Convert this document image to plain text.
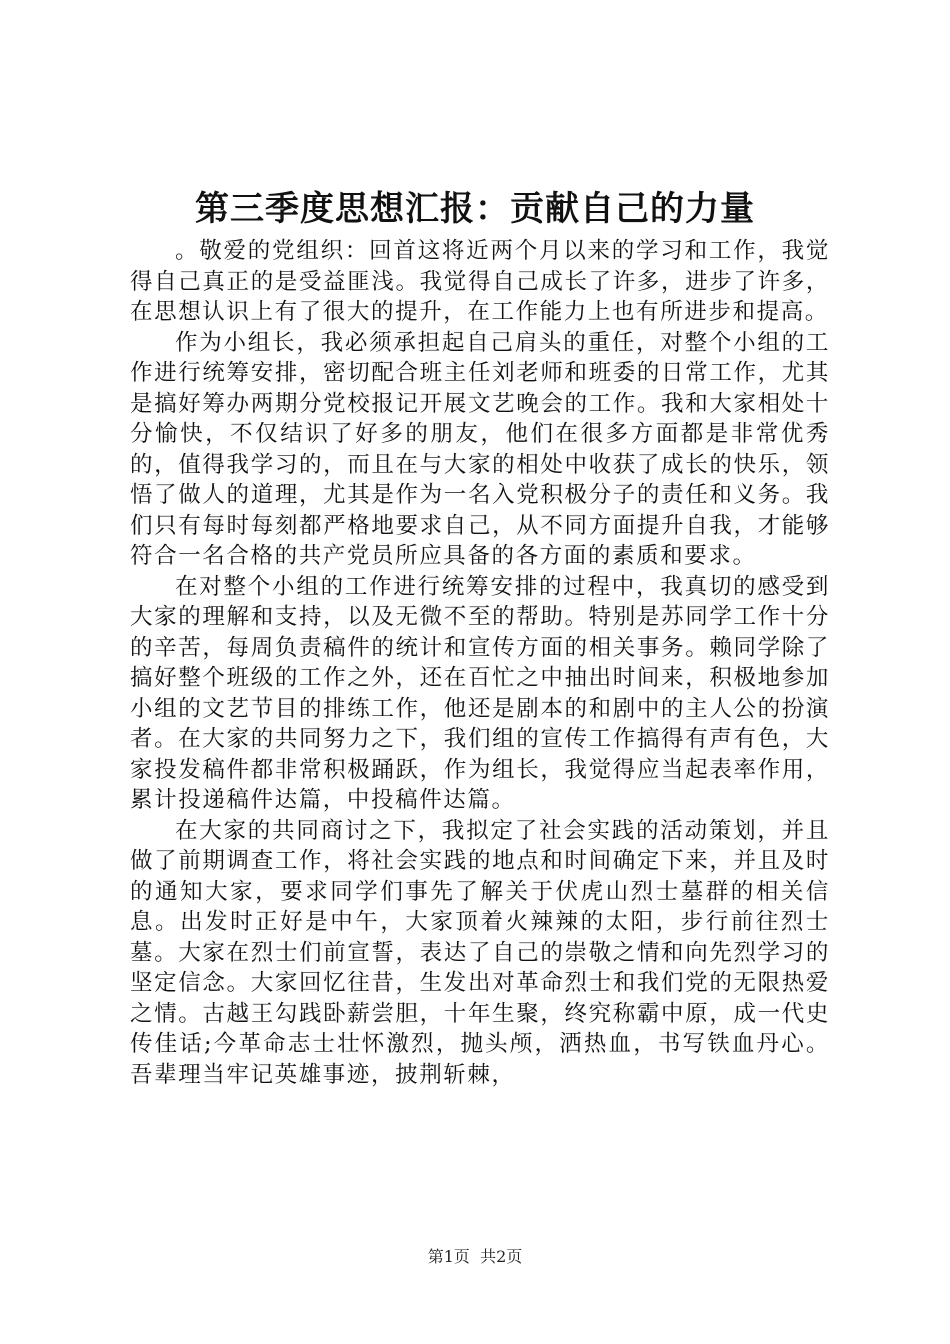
第三季度思想汇报：贡献自己的力量

。敬爱的党组织：回首这将近两个月以来的学习和工作，我觉得自己真正的是受益匪浅。我觉得自己成长了许多，进步了许多，在思想认识上有了很大的提升，在工作能力上也有所进步和提高。

作为小组长，我必须承担起自己肩头的重任，对整个小组的工作进行统筹安排，密切配合班主任刘老师和班委的日常工作，尤其是搞好筹办两期分党校报记开展文艺晚会的工作。我和大家相处十分愉快，不仅结识了好多的朋友，他们在很多方面都是非常优秀的，值得我学习的，而且在与大家的相处中收获了成长的快乐，领悟了做人的道理，尤其是作为一名入党积极分子的责任和义务。我们只有每时每刻都严格地要求自己，从不同方面提升自我，才能够符合一名合格的共产党员所应具备的各方面的素质和要求。

在对整个小组的工作进行统筹安排的过程中，我真切的感受到大家的理解和支持，以及无微不至的帮助。特别是苏同学工作十分的辛苦，每周负责稿件的统计和宣传方面的相关事务。赖同学除了搞好整个班级的工作之外，还在百忙之中抽出时间来，积极地参加小组的文艺节目的排练工作，他还是剧本的和剧中的主人公的扮演者。在大家的共同努力之下，我们组的宣传工作搞得有声有色，大家投发稿件都非常积极踊跃，作为组长，我觉得应当起表率作用，累计投递稿件达篇，中投稿件达篇。

在大家的共同商讨之下，我拟定了社会实践的活动策划，并且做了前期调查工作，将社会实践的地点和时间确定下来，并且及时的通知大家，要求同学们事先了解关于伏虎山烈士墓群的相关信息。出发时正好是中午，大家顶着火辣辣的太阳，步行前往烈士墓。大家在烈士们前宣誓，表达了自己的崇敬之情和向先烈学习的坚定信念。大家回忆往昔，生发出对革命烈士和我们党的无限热爱之情。古越王勾践卧薪尝胆，十年生聚，终究称霸中原，成一代史传佳话;今革命志士壮怀激烈，抛头颅，洒热血，书写铁血丹心。吾辈理当牢记英雄事迹，披荆斩棘，

第1页 共2页
